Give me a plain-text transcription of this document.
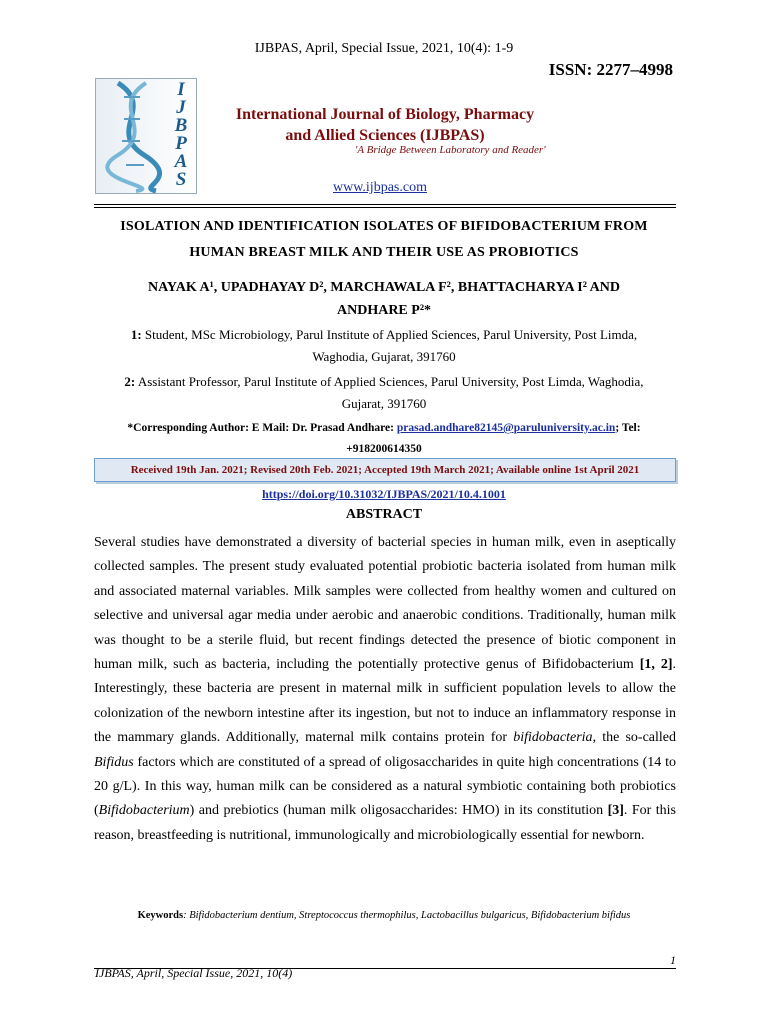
IJBPAS, April, Special Issue, 2021, 10(4): 1-9
ISSN: 2277–4998
I
J
B
P
A
S
International Journal of Biology, Pharmacy
and Allied Sciences (IJBPAS)
'A Bridge Between Laboratory and Reader'
www.ijbpas.com
ISOLATION AND IDENTIFICATION ISOLATES OF BIFIDOBACTERIUM FROM
HUMAN BREAST MILK AND THEIR USE AS PROBIOTICS
NAYAK A¹, UPADHAYAY D², MARCHAWALA F², BHATTACHARYA I² AND
ANDHARE P²*
1: Student, MSc Microbiology, Parul Institute of Applied Sciences, Parul University, Post Limda,
Waghodia, Gujarat, 391760
2: Assistant Professor, Parul Institute of Applied Sciences, Parul University, Post Limda, Waghodia,
Gujarat, 391760
*Corresponding Author: E Mail: Dr. Prasad Andhare: prasad.andhare82145@paruluniversity.ac.in; Tel:
+918200614350
Received 19th Jan. 2021; Revised 20th Feb. 2021; Accepted 19th March 2021; Available online 1st April 2021
https://doi.org/10.31032/IJBPAS/2021/10.4.1001
ABSTRACT
Several studies have demonstrated a diversity of bacterial species in human milk, even in aseptically collected samples. The present study evaluated potential probiotic bacteria isolated from human milk and associated maternal variables. Milk samples were collected from healthy women and cultured on selective and universal agar media under aerobic and anaerobic conditions. Traditionally, human milk was thought to be a sterile fluid, but recent findings detected the presence of biotic component in human milk, such as bacteria, including the potentially protective genus of Bifidobacterium [1, 2]. Interestingly, these bacteria are present in maternal milk in sufficient population levels to allow the colonization of the newborn intestine after its ingestion, but not to induce an inflammatory response in the mammary glands. Additionally, maternal milk contains protein for bifidobacteria, the so-called Bifidus factors which are constituted of a spread of oligosaccharides in quite high concentrations (14 to 20 g/L). In this way, human milk can be considered as a natural symbiotic containing both probiotics (Bifidobacterium) and prebiotics (human milk oligosaccharides: HMO) in its constitution [3]. For this reason, breastfeeding is nutritional, immunologically and microbiologically essential for newborn.
Keywords: Bifidobacterium dentium, Streptococcus thermophilus, Lactobacillus bulgaricus, Bifidobacterium bifidus
1
IJBPAS, April, Special Issue, 2021, 10(4)
